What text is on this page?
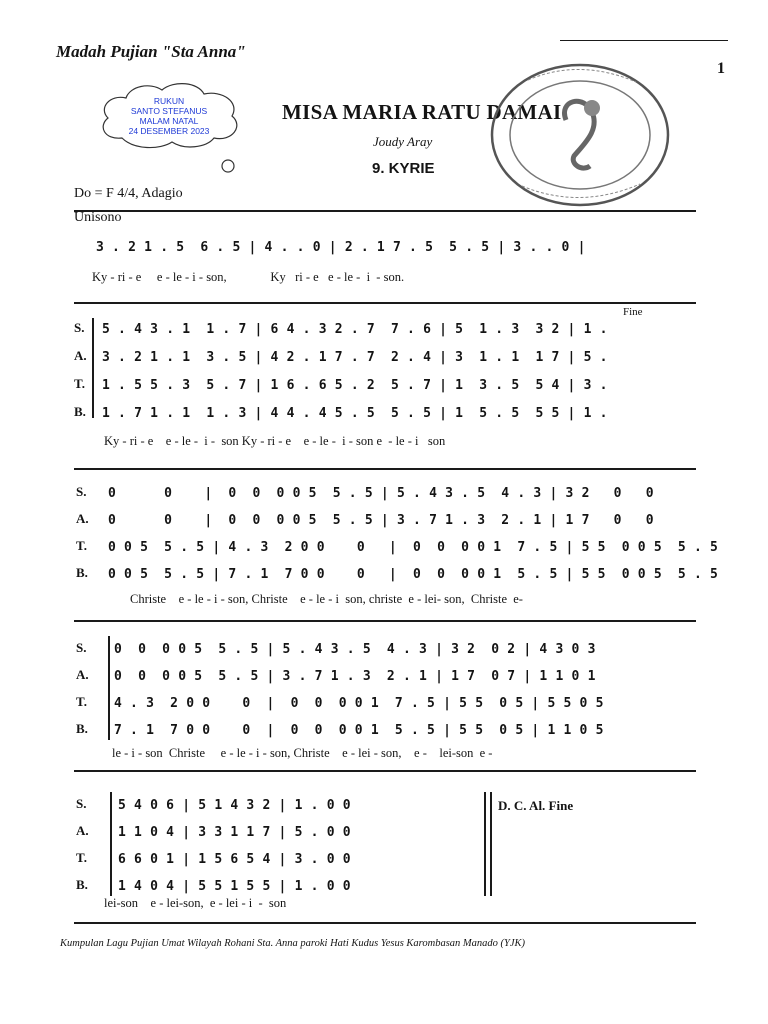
Madah Pujian "Sta Anna"
1
RUKUN
SANTO STEFANUS
MALAM NATAL
24 DESEMBER 2023
MISA MARIA RATU DAMAI
Joudy Aray
9. KYRIE
Do = F 4/4, Adagio
Unisono
3 . 2 1 . 5  6 . 5 | 4 . . 0 | 2 . 1 7 . 5  5 . 5 | 3 . . 0 |
Ky - ri - e     e - le - i - son,              Ky   ri - e   e - le -  i  - son.
Fine
S.
A.
T.
B.
5 . 4 3 . 1  1 . 7 | 6 4 . 3 2 . 7  7 . 6 | 5  1 . 3  3 2 | 1 .
3 . 2 1 . 1  3 . 5 | 4 2 . 1 7 . 7  2 . 4 | 3  1 . 1  1 7 | 5 .
1 . 5 5 . 3  5 . 7 | 1 6 . 6 5 . 2  5 . 7 | 1  3 . 5  5 4 | 3 .
1 . 7 1 . 1  1 . 3 | 4 4 . 4 5 . 5  5 . 5 | 1  5 . 5  5 5 | 1 .
Ky - ri - e    e - le -  i -  son Ky - ri - e    e - le -  i - son e  - le - i   son
S.
A.
T.
B.
0      0    |  0  0  0 0 5  5 . 5 | 5 . 4 3 . 5  4 . 3 | 3 2   0   0
0      0    |  0  0  0 0 5  5 . 5 | 3 . 7 1 . 3  2 . 1 | 1 7   0   0
0 0 5  5 . 5 | 4 . 3  2 0 0    0   |  0  0  0 0 1  7 . 5 | 5 5  0 0 5  5 . 5
0 0 5  5 . 5 | 7 . 1  7 0 0    0   |  0  0  0 0 1  5 . 5 | 5 5  0 0 5  5 . 5
Christe    e - le - i - son, Christe    e - le - i  son, christe  e - lei- son,  Christe  e-
S.
A.
T.
B.
0  0  0 0 5  5 . 5 | 5 . 4 3 . 5  4 . 3 | 3 2  0 2 | 4 3 0 3
0  0  0 0 5  5 . 5 | 3 . 7 1 . 3  2 . 1 | 1 7  0 7 | 1 1 0 1
4 . 3  2 0 0    0  |  0  0  0 0 1  7 . 5 | 5 5  0 5 | 5 5 0 5
7 . 1  7 0 0    0  |  0  0  0 0 1  5 . 5 | 5 5  0 5 | 1 1 0 5
le - i - son  Christe     e - le - i - son, Christe    e - lei - son,    e -    lei-son  e -
S.
A.
T.
B.
5 4 0 6 | 5 1 4 3 2 | 1 . 0 0
1 1 0 4 | 3 3 1 1 7 | 5 . 0 0
6 6 0 1 | 1 5 6 5 4 | 3 . 0 0
1 4 0 4 | 5 5 1 5 5 | 1 . 0 0
D. C. Al. Fine
lei-son    e - lei-son,  e - lei - i  -  son
Kumpulan Lagu Pujian Umat Wilayah Rohani Sta. Anna paroki Hati Kudus Yesus Karombasan Manado (YJK)
